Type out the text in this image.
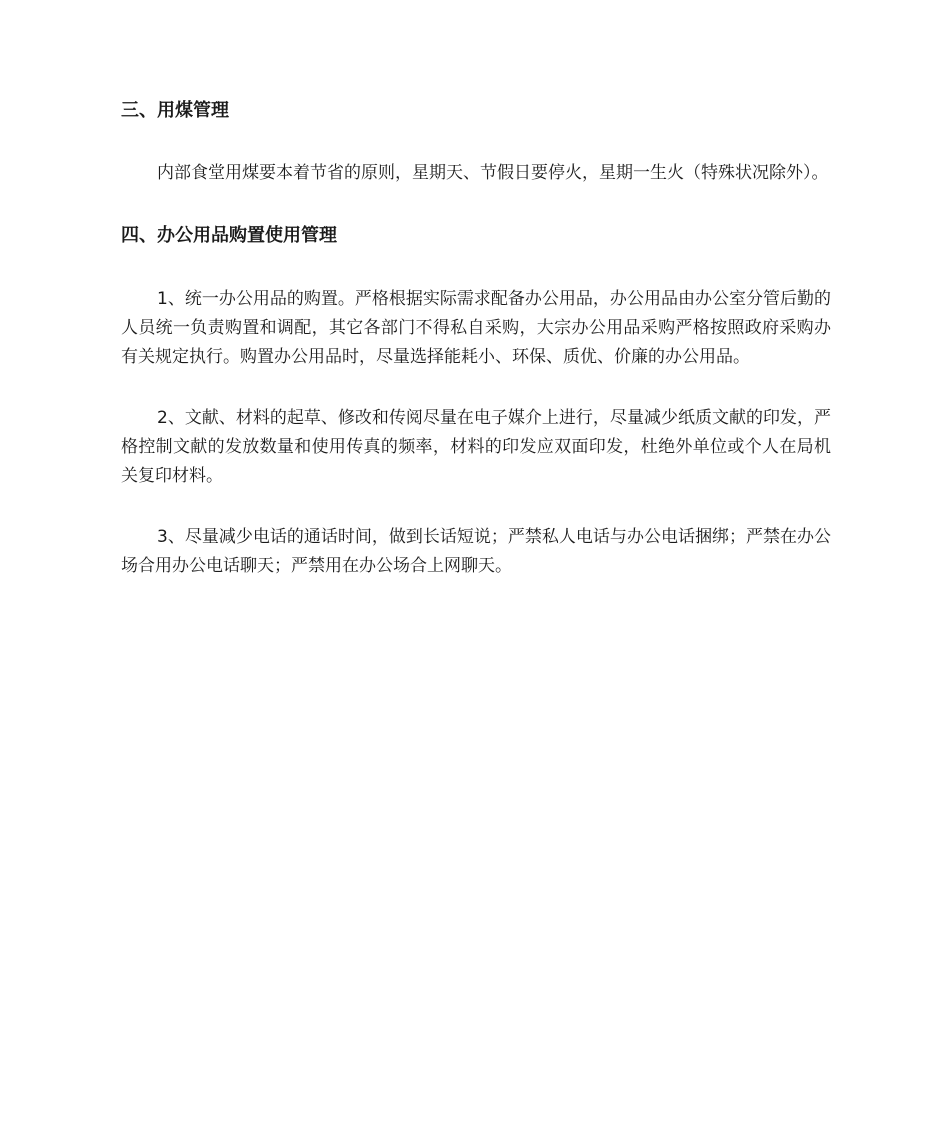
三、用煤管理

内部食堂用煤要本着节省的原则，星期天、节假日要停火，星期一生火（特殊状况除外）。

四、办公用品购置使用管理

1、统一办公用品的购置。严格根据实际需求配备办公用品，办公用品由办公室分管后勤的人员统一负责购置和调配，其它各部门不得私自采购，大宗办公用品采购严格按照政府采购办有关规定执行。购置办公用品时，尽量选择能耗小、环保、质优、价廉的办公用品。

2、文献、材料的起草、修改和传阅尽量在电子媒介上进行，尽量减少纸质文献的印发，严格控制文献的发放数量和使用传真的频率，材料的印发应双面印发，杜绝外单位或个人在局机关复印材料。

3、尽量减少电话的通话时间，做到长话短说；严禁私人电话与办公电话捆绑；严禁在办公场合用办公电话聊天；严禁用在办公场合上网聊天。
